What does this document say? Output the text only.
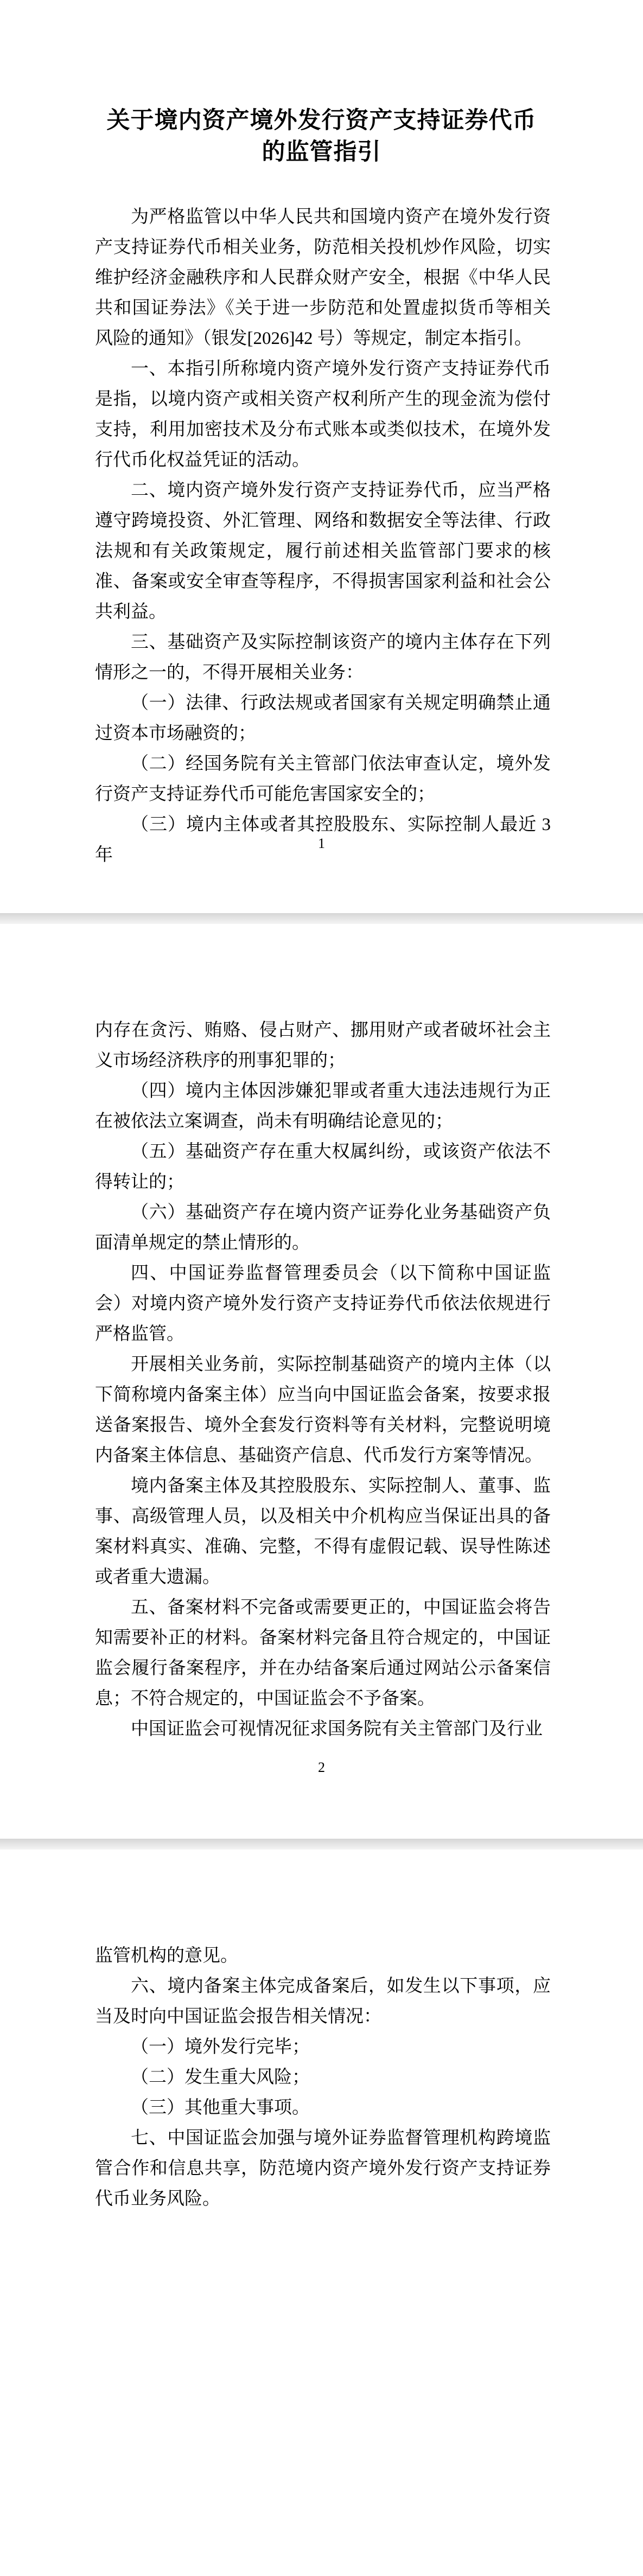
关于境内资产境外发行资产支持证券代币
的监管指引

为严格监管以中华人民共和国境内资产在境外发行资产支持证券代币相关业务，防范相关投机炒作风险，切实维护经济金融秩序和人民群众财产安全，根据《中华人民共和国证券法》《关于进一步防范和处置虚拟货币等相关风险的通知》（银发[2026]42 号）等规定，制定本指引。

一、本指引所称境内资产境外发行资产支持证券代币是指，以境内资产或相关资产权利所产生的现金流为偿付支持，利用加密技术及分布式账本或类似技术，在境外发行代币化权益凭证的活动。

二、境内资产境外发行资产支持证券代币，应当严格遵守跨境投资、外汇管理、网络和数据安全等法律、行政法规和有关政策规定，履行前述相关监管部门要求的核准、备案或安全审查等程序，不得损害国家利益和社会公共利益。

三、基础资产及实际控制该资产的境内主体存在下列情形之一的，不得开展相关业务：

（一）法律、行政法规或者国家有关规定明确禁止通过资本市场融资的；

（二）经国务院有关主管部门依法审查认定，境外发行资产支持证券代币可能危害国家安全的；

（三）境内主体或者其控股股东、实际控制人最近 3 年

1

内存在贪污、贿赂、侵占财产、挪用财产或者破坏社会主义市场经济秩序的刑事犯罪的；

（四）境内主体因涉嫌犯罪或者重大违法违规行为正在被依法立案调查，尚未有明确结论意见的；

（五）基础资产存在重大权属纠纷，或该资产依法不得转让的；

（六）基础资产存在境内资产证券化业务基础资产负面清单规定的禁止情形的。

四、中国证券监督管理委员会（以下简称中国证监会）对境内资产境外发行资产支持证券代币依法依规进行严格监管。

开展相关业务前，实际控制基础资产的境内主体（以下简称境内备案主体）应当向中国证监会备案，按要求报送备案报告、境外全套发行资料等有关材料，完整说明境内备案主体信息、基础资产信息、代币发行方案等情况。

境内备案主体及其控股股东、实际控制人、董事、监事、高级管理人员，以及相关中介机构应当保证出具的备案材料真实、准确、完整，不得有虚假记载、误导性陈述或者重大遗漏。

五、备案材料不完备或需要更正的，中国证监会将告知需要补正的材料。备案材料完备且符合规定的，中国证监会履行备案程序，并在办结备案后通过网站公示备案信息；不符合规定的，中国证监会不予备案。

中国证监会可视情况征求国务院有关主管部门及行业

2

监管机构的意见。

六、境内备案主体完成备案后，如发生以下事项，应当及时向中国证监会报告相关情况：

（一）境外发行完毕；

（二）发生重大风险；

（三）其他重大事项。

七、中国证监会加强与境外证券监督管理机构跨境监管合作和信息共享，防范境内资产境外发行资产支持证券代币业务风险。
